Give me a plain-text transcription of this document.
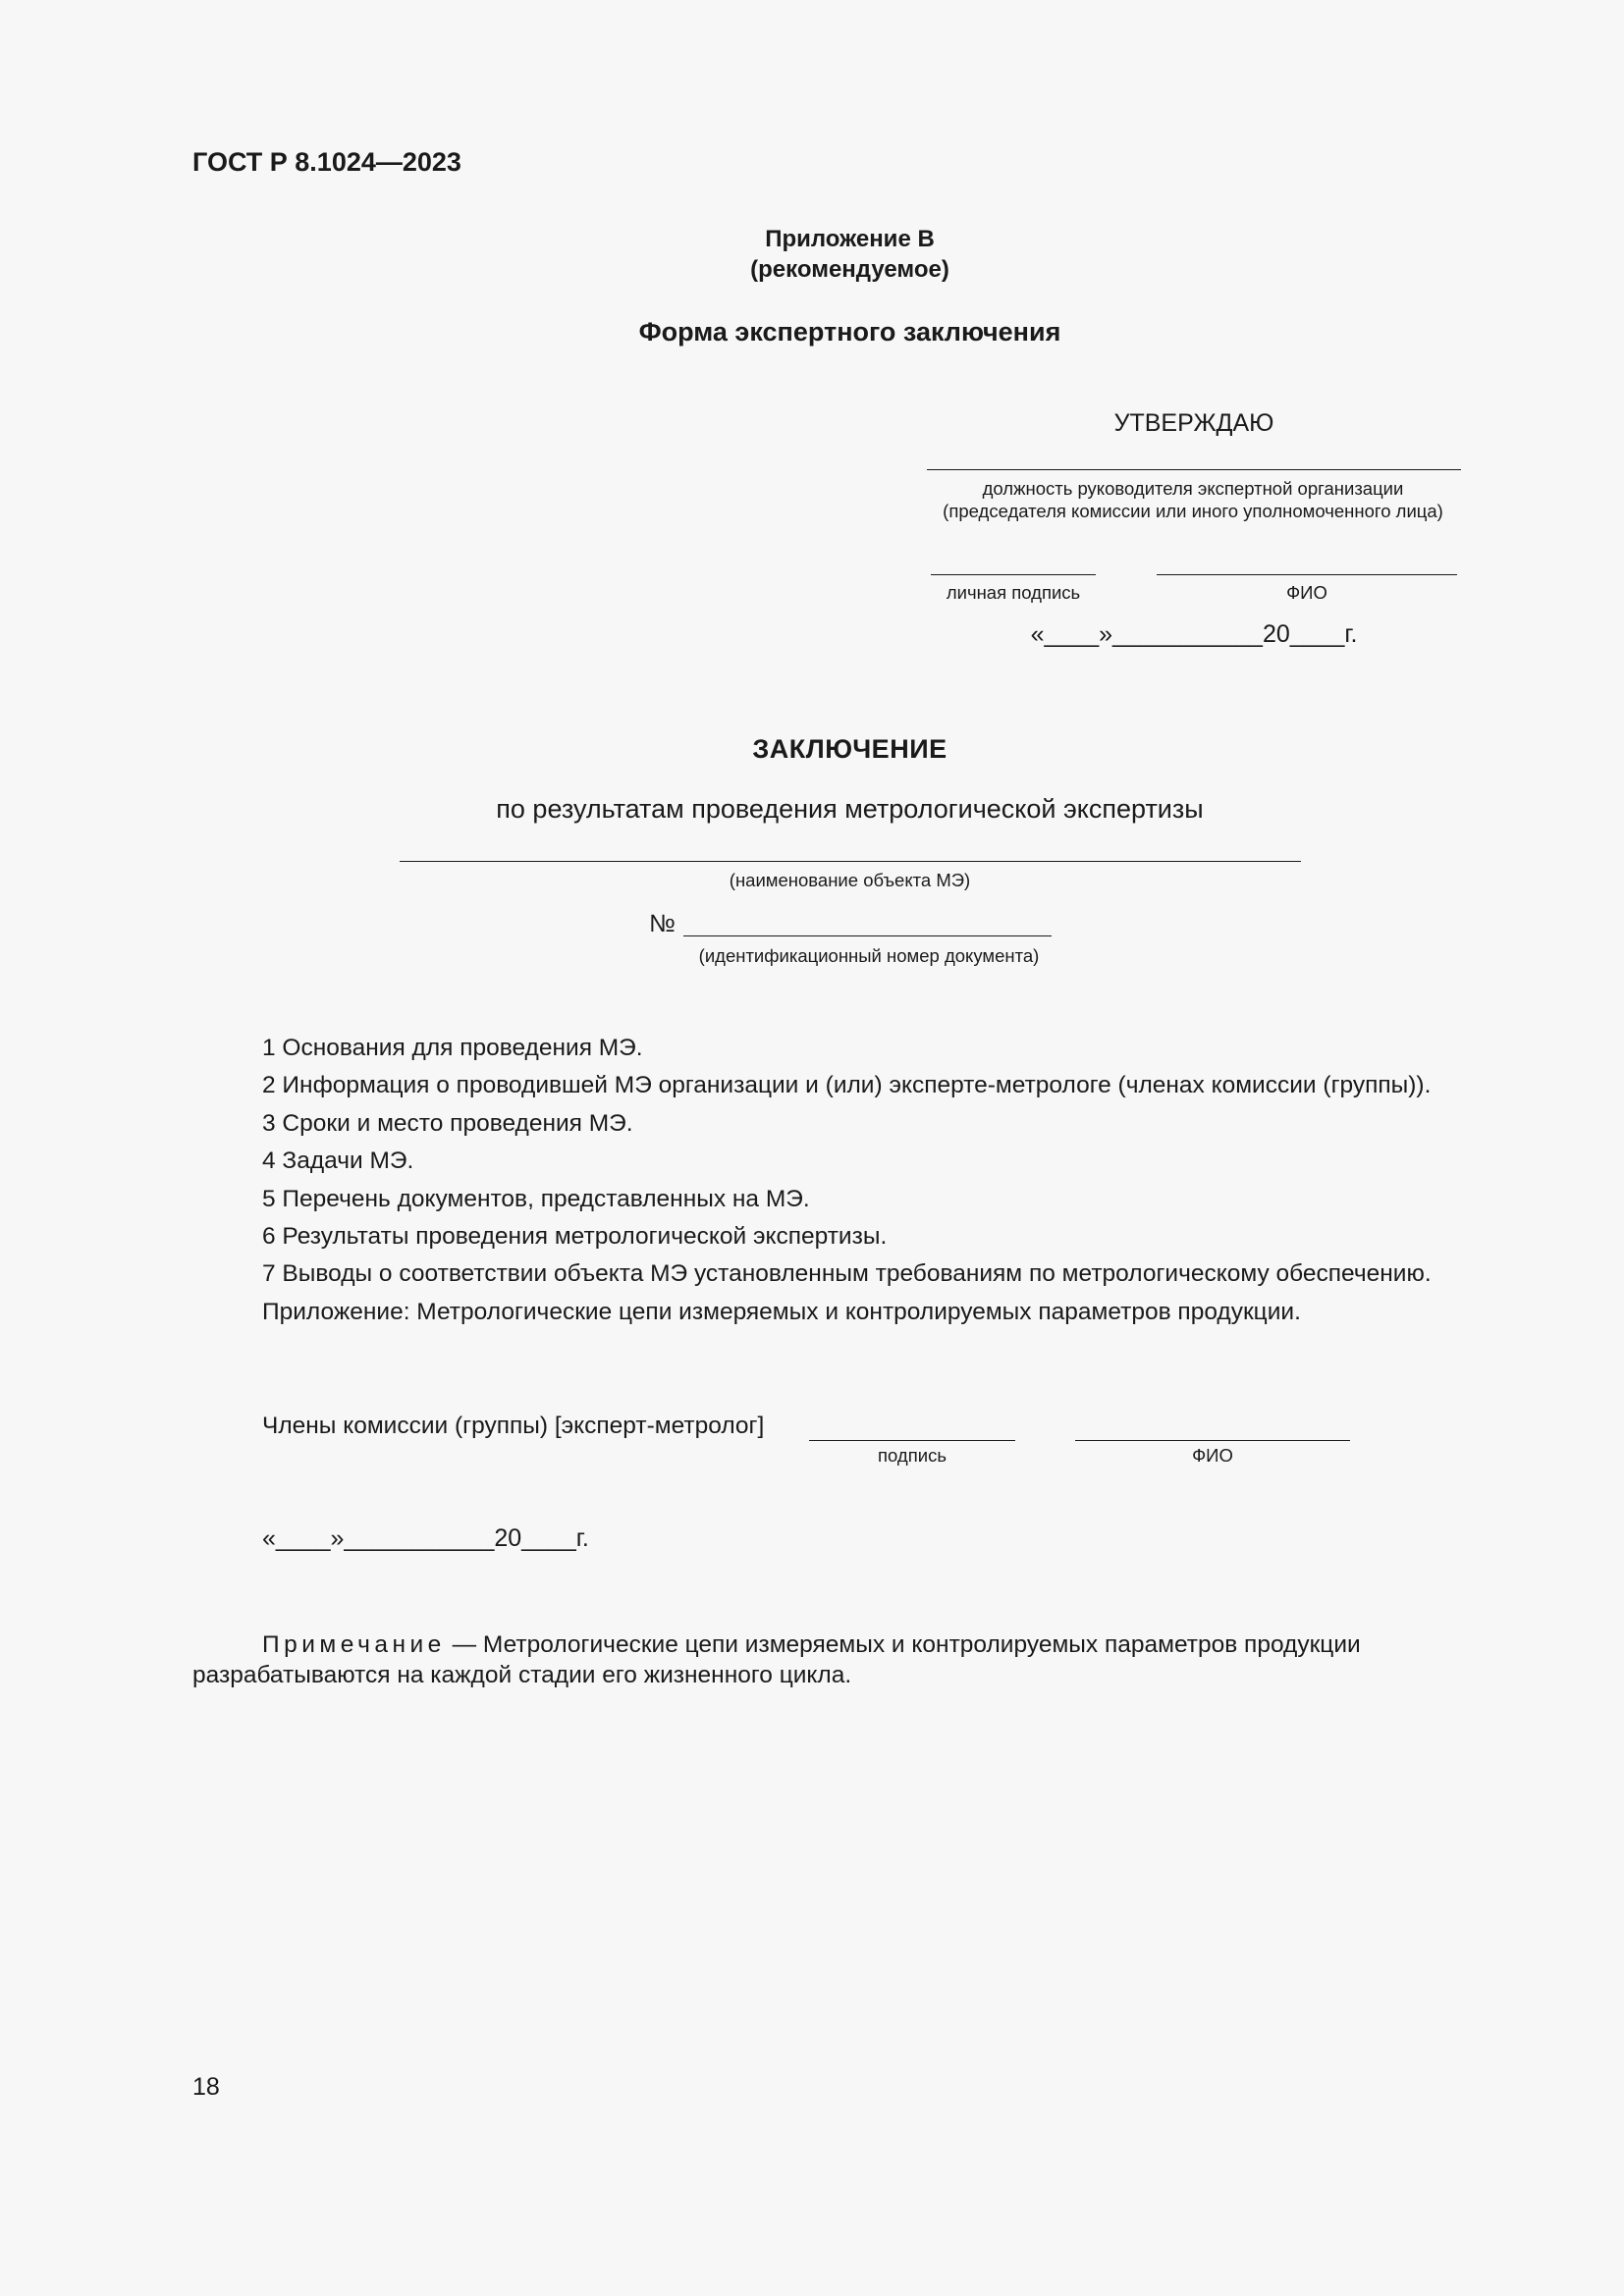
ГОСТ Р 8.1024—2023
Приложение В
(рекомендуемое)
Форма экспертного заключения
УТВЕРЖДАЮ
должность руководителя экспертной организации
(председателя комиссии или иного уполномоченного лица)
личная подпись	ФИО
«____»___________20____г.
ЗАКЛЮЧЕНИЕ
по результатам проведения метрологической экспертизы
(наименование объекта МЭ)
№
(идентификационный номер документа)
1 Основания для проведения МЭ.
2 Информация о проводившей МЭ организации и (или) эксперте-метрологе (членах комиссии (группы)).
3 Сроки и место проведения МЭ.
4 Задачи МЭ.
5 Перечень документов, представленных на МЭ.
6 Результаты проведения метрологической экспертизы.
7 Выводы о соответствии объекта МЭ установленным требованиям по метрологическому обеспечению.
Приложение: Метрологические цепи измеряемых и контролируемых параметров продукции.
Члены комиссии (группы) [эксперт-метролог]
подпись	ФИО
«____»___________20____г.
Примечание — Метрологические цепи измеряемых и контролируемых параметров продукции разрабатываются на каждой стадии его жизненного цикла.
18
